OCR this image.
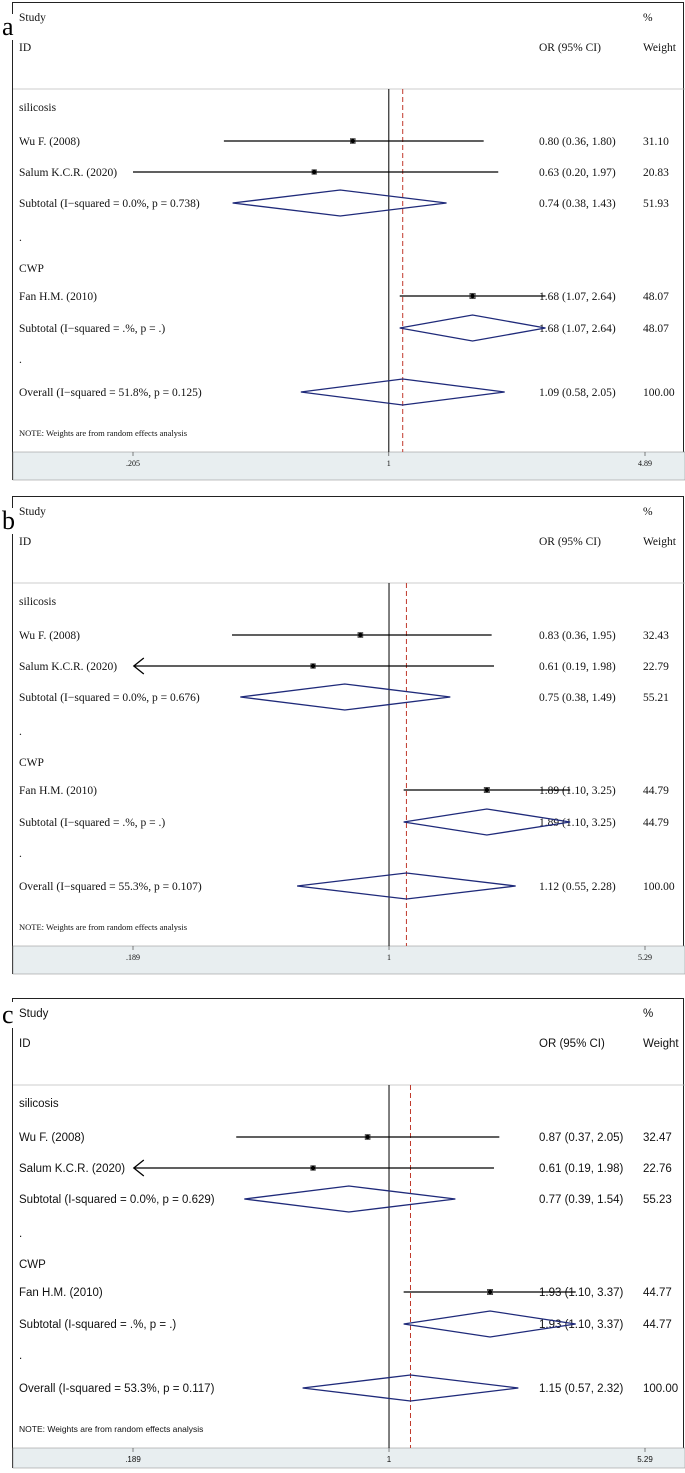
a Study
ID	OR (95% CI)
%
Weight
.205	1	4.89
silicosis
Wu F. (2008)	0.80 (0.36, 1.80) 31.10
Salum K.C.R. (2020)	0.63 (0.20, 1.97) 20.83
Subtotal (I−squared = 0.0%, p = 0.738)	0.74 (0.38, 1.43) 51.93
.
CWP
Fan H.M. (2010)	1.68 (1.07, 2.64) 48.07
Subtotal (I−squared = .%, p = .)	1.68 (1.07, 2.64) 48.07
.
Overall (I−squared = 51.8%, p = 0.125)	1.09 (0.58, 2.05) 100.00
NOTE: Weights are from random effects analysis
b Study
ID	OR (95% CI)
%
Weight
.189	1	5.29
silicosis
Wu F. (2008)	0.83 (0.36, 1.95) 32.43
Salum K.C.R. (2020)	0.61 (0.19, 1.98) 22.79
Subtotal (I−squared = 0.0%, p = 0.676)	0.75 (0.38, 1.49) 55.21
.
CWP
Fan H.M. (2010)	1.89 (1.10, 3.25) 44.79
Subtotal (I−squared = .%, p = .)	1.89 (1.10, 3.25) 44.79
.
Overall (I−squared = 55.3%, p = 0.107)	1.12 (0.55, 2.28) 100.00
NOTE: Weights are from random effects analysis
c Study
ID	OR (95% CI)
%
Weight
.189	1	5.29
silicosis
Wu F. (2008)	0.87 (0.37, 2.05) 32.47
Salum K.C.R. (2020)	0.61 (0.19, 1.98) 22.76
Subtotal (I-squared = 0.0%, p = 0.629)	0.77 (0.39, 1.54) 55.23
.
CWP
Fan H.M. (2010)	1.93 (1.10, 3.37) 44.77
Subtotal (I-squared = .%, p = .)	1.93 (1.10, 3.37) 44.77
.
Overall (I-squared = 53.3%, p = 0.117)	1.15 (0.57, 2.32) 100.00
NOTE: Weights are from random effects analysis
